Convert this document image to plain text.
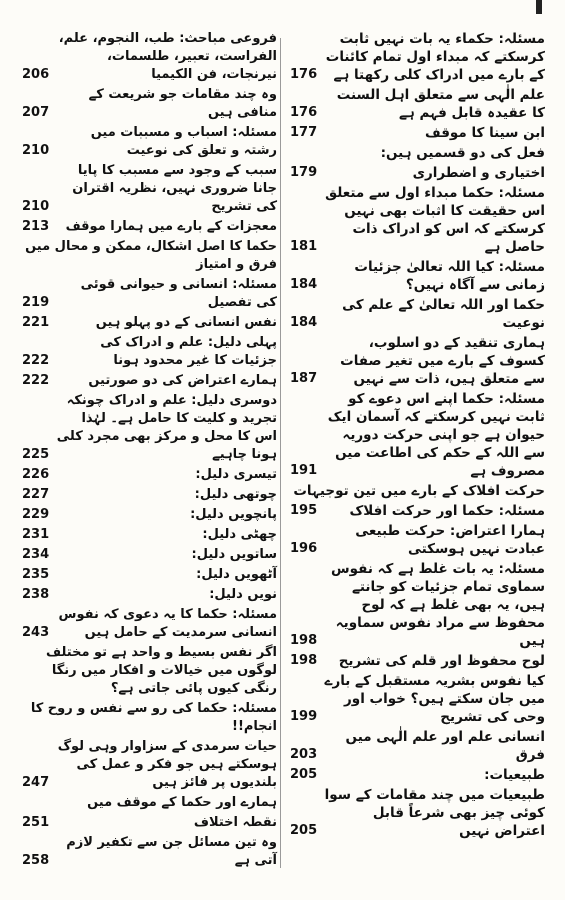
مسئلہ: حکماء یہ بات نہیں ثابت کرسکتے کہ مبداء اول تمام کائنات کے بارے میں ادراک کلی رکھتا ہے
176
علم الٰہی سے متعلق اہل السنت کا عقیدہ قابل فہم ہے
176
ابن سینا کا موقف
177
فعل کی دو قسمیں ہیں:
اختیاری و اضطراری
179
مسئلہ: حکما مبداء اول سے متعلق اس حقیقت کا اثبات بھی نہیں کرسکتے کہ اس کو ادراک ذات حاصل ہے
181
مسئلہ: کیا اللہ تعالیٰ جزئیات زمانی سے آگاہ نہیں؟
184
حکما اور اللہ تعالیٰ کے علم کی نوعیت
184
ہماری تنقید کے دو اسلوب، کسوف کے بارے میں تغیر صفات سے متعلق ہیں، ذات سے نہیں
187
مسئلہ: حکما اپنے اس دعوے کو ثابت نہیں کرسکتے کہ آسمان ایک حیوان ہے جو اپنی حرکت دوریہ سے اللہ کے حکم کی اطاعت میں مصروف ہے
191
حرکت افلاک کے بارے میں تین توجیہات
مسئلہ: حکما اور حرکت افلاک
195
ہمارا اعتراض: حرکت طبیعی عبادت نہیں ہوسکتی
196
مسئلہ: یہ بات غلط ہے کہ نفوس سماوی تمام جزئیات کو جانتے ہیں، یہ بھی غلط ہے کہ لوح محفوظ سے مراد نفوس سماویہ ہیں
198
لوح محفوظ اور قلم کی تشریح
198
کیا نفوس بشریہ مستقبل کے بارے میں جان سکتے ہیں؟ خواب اور وحی کی تشریح
199
انسانی علم اور علم الٰہی میں فرق
203
طبیعیات:
205
طبیعیات میں چند مقامات کے سوا کوئی چیز بھی شرعاً قابل اعتراض نہیں
205
فروعی مباحث: طب، النجوم، علم، الفراست، تعبیر، طلسمات، نیرنجات، فن الکیمیا
206
وہ چند مقامات جو شریعت کے منافی ہیں
207
مسئلہ: اسباب و مسببات میں رشتہ و تعلق کی نوعیت
210
سبب کے وجود سے مسبب کا پایا جانا ضروری نہیں، نظریہ اقتران کی تشریح
210
معجزات کے بارے میں ہمارا موقف
213
حکما کا اصل اشکال، ممکن و محال میں فرق و امتیاز
مسئلہ: انسانی و حیوانی قوئی کی تفصیل
219
نفس انسانی کے دو پہلو ہیں
221
پہلی دلیل: علم و ادراک کی جزئیات کا غیر محدود ہونا
222
ہمارے اعتراض کی دو صورتیں
222
دوسری دلیل: علم و ادراک چونکہ تجرید و کلیت کا حامل ہے۔ لہٰذا اس کا محل و مرکز بھی مجرد کلی ہونا چاہیے
225
تیسری دلیل:
226
چوتھی دلیل:
227
پانچویں دلیل:
229
چھٹی دلیل:
231
ساتویں دلیل:
234
آٹھویں دلیل:
235
نویں دلیل:
238
مسئلہ: حکما کا یہ دعوی کہ نفوس انسانی سرمدیت کے حامل ہیں
243
اگر نفس بسیط و واحد ہے تو مختلف لوگوں میں خیالات و افکار میں رنگا رنگی کیوں پائی جاتی ہے؟
مسئلہ: حکما کی رو سے نفس و روح کا انجام!!
حیات سرمدی کے سزاوار وہی لوگ ہوسکتے ہیں جو فکر و عمل کی بلندیوں پر فائز ہیں
247
ہمارے اور حکما کے موقف میں
نقطہ اختلاف
251
وہ تین مسائل جن سے تکفیر لازم آتی ہے
258
